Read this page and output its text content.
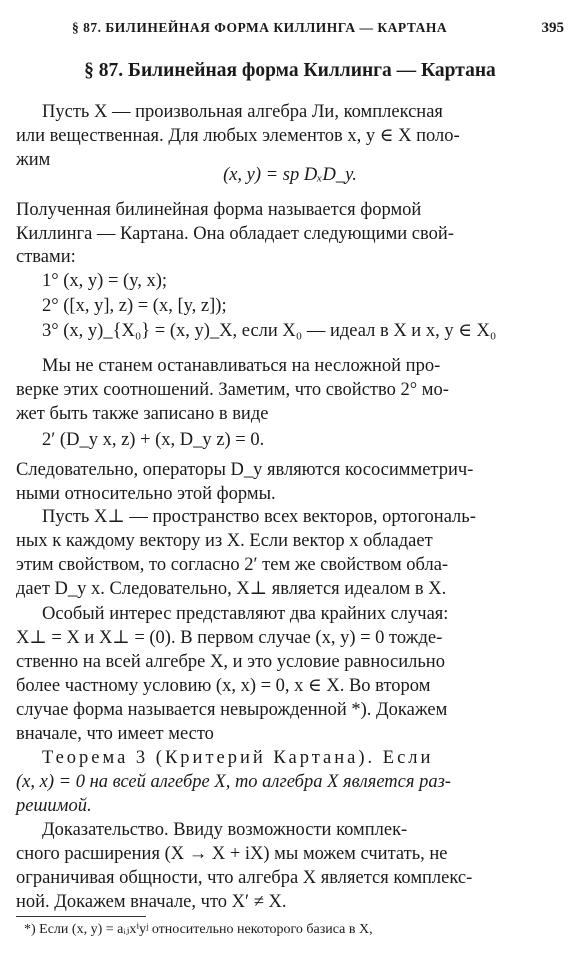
§ 87. БИЛИНЕЙНАЯ ФОРМА КИЛЛИНГА — КАРТАНА	395
§ 87. Билинейная форма Киллинга — Картана
Пусть X — произвольная алгебра Ли, комплексная
или вещественная. Для любых элементов x, y ∈ X поло-
жим
(x, y) = sp DₓD_y.
Полученная билинейная форма называется формой
Киллинга — Картана. Она обладает следующими свой-
ствами:
1° (x, y) = (y, x);
2° ([x, y], z) = (x, [y, z]);
3° (x, y)_{X₀} = (x, y)_X, если X₀ — идеал в X и x, y ∈ X₀
Мы не станем останавливаться на несложной про-
верке этих соотношений. Заметим, что свойство 2° мо-
жет быть также записано в виде
2′ (D_y x, z) + (x, D_y z) = 0.
Следовательно, операторы D_y являются кососимметрич-
ными относительно этой формы.
Пусть X⊥ — пространство всех векторов, ортогональ-
ных к каждому вектору из X. Если вектор x обладает
этим свойством, то согласно 2′ тем же свойством обла-
дает D_y x. Следовательно, X⊥ является идеалом в X.
Особый интерес представляют два крайних случая:
X⊥ = X и X⊥ = (0). В первом случае (x, y) = 0 тожде-
ственно на всей алгебре X, и это условие равносильно
более частному условию (x, x) = 0, x ∈ X. Во втором
случае форма называется невырожденной *). Докажем
вначале, что имеет место
Теорема 3 (Критерий Картана). Если
(x, x) = 0 на всей алгебре X, то алгебра X является раз-
решимой.
Доказательство. Ввиду возможности комплек-
сного расширения (X → X + iX) мы можем считать, не
ограничивая общности, что алгебра X является комплекс-
ной. Докажем вначале, что X′ ≠ X.
*) Если (x, y) = aᵢⱼxⁱyʲ относительно некоторого базиса в X,
